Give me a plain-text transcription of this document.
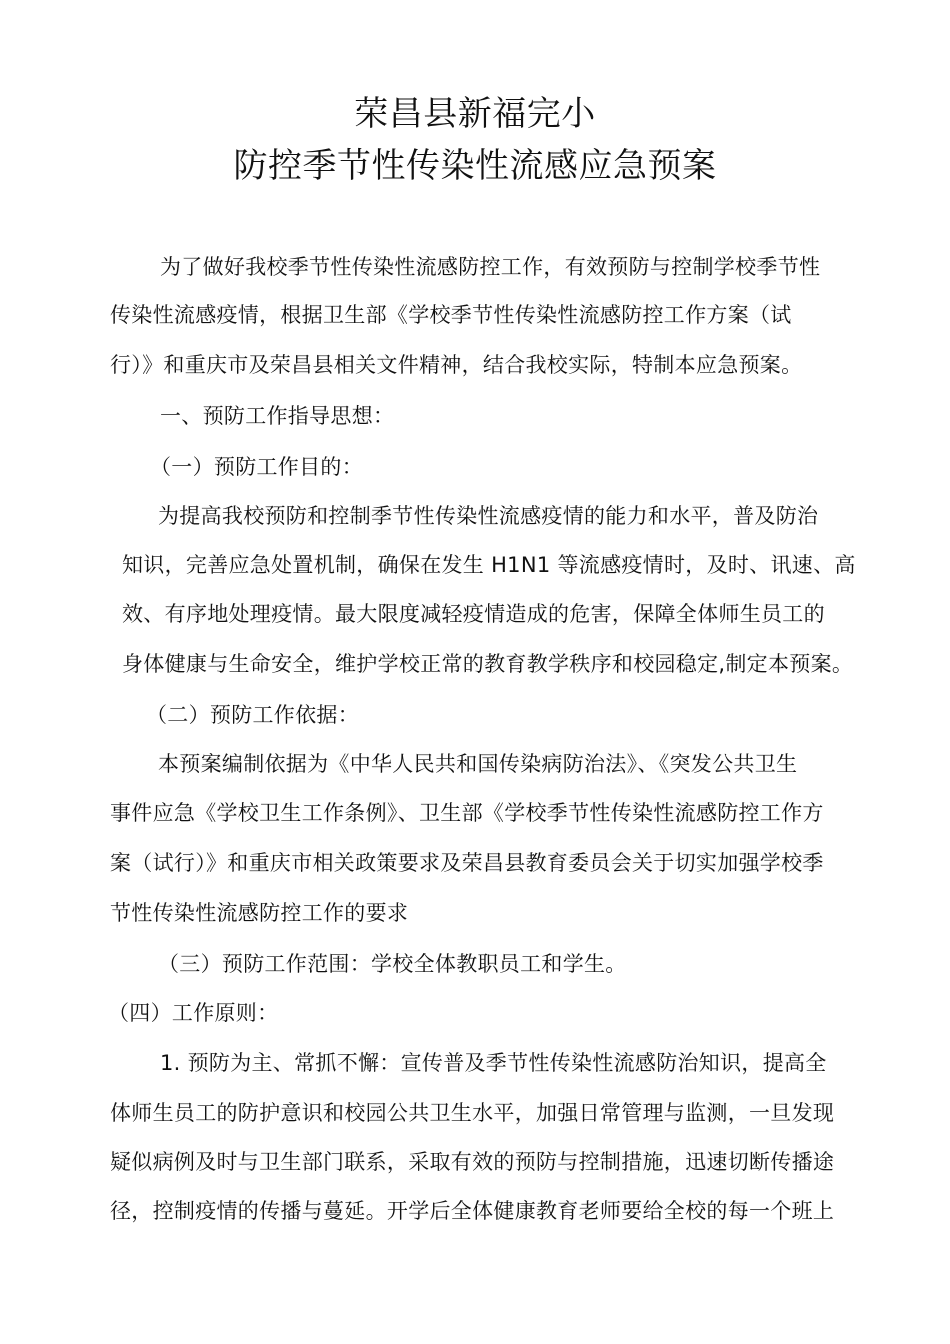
荣昌县新福完小
防控季节性传染性流感应急预案
为了做好我校季节性传染性流感防控工作，有效预防与控制学校季节性
传染性流感疫情，根据卫生部《学校季节性传染性流感防控工作方案（试
行）》和重庆市及荣昌县相关文件精神，结合我校实际，特制本应急预案。
一、预防工作指导思想：
（一）预防工作目的：
为提高我校预防和控制季节性传染性流感疫情的能力和水平，普及防治
知识，完善应急处置机制，确保在发生 H1N1 等流感疫情时，及时、讯速、高
效、有序地处理疫情。最大限度减轻疫情造成的危害，保障全体师生员工的
身体健康与生命安全，维护学校正常的教育教学秩序和校园稳定,制定本预案。
（二）预防工作依据：
本预案编制依据为《中华人民共和国传染病防治法》、《突发公共卫生
事件应急《学校卫生工作条例》、卫生部《学校季节性传染性流感防控工作方
案（试行）》和重庆市相关政策要求及荣昌县教育委员会关于切实加强学校季
节性传染性流感防控工作的要求
（三）预防工作范围：学校全体教职员工和学生。
（四）工作原则：
1. 预防为主、常抓不懈：宣传普及季节性传染性流感防治知识，提高全
体师生员工的防护意识和校园公共卫生水平，加强日常管理与监测，一旦发现
疑似病例及时与卫生部门联系，采取有效的预防与控制措施，迅速切断传播途
径，控制疫情的传播与蔓延。开学后全体健康教育老师要给全校的每一个班上
